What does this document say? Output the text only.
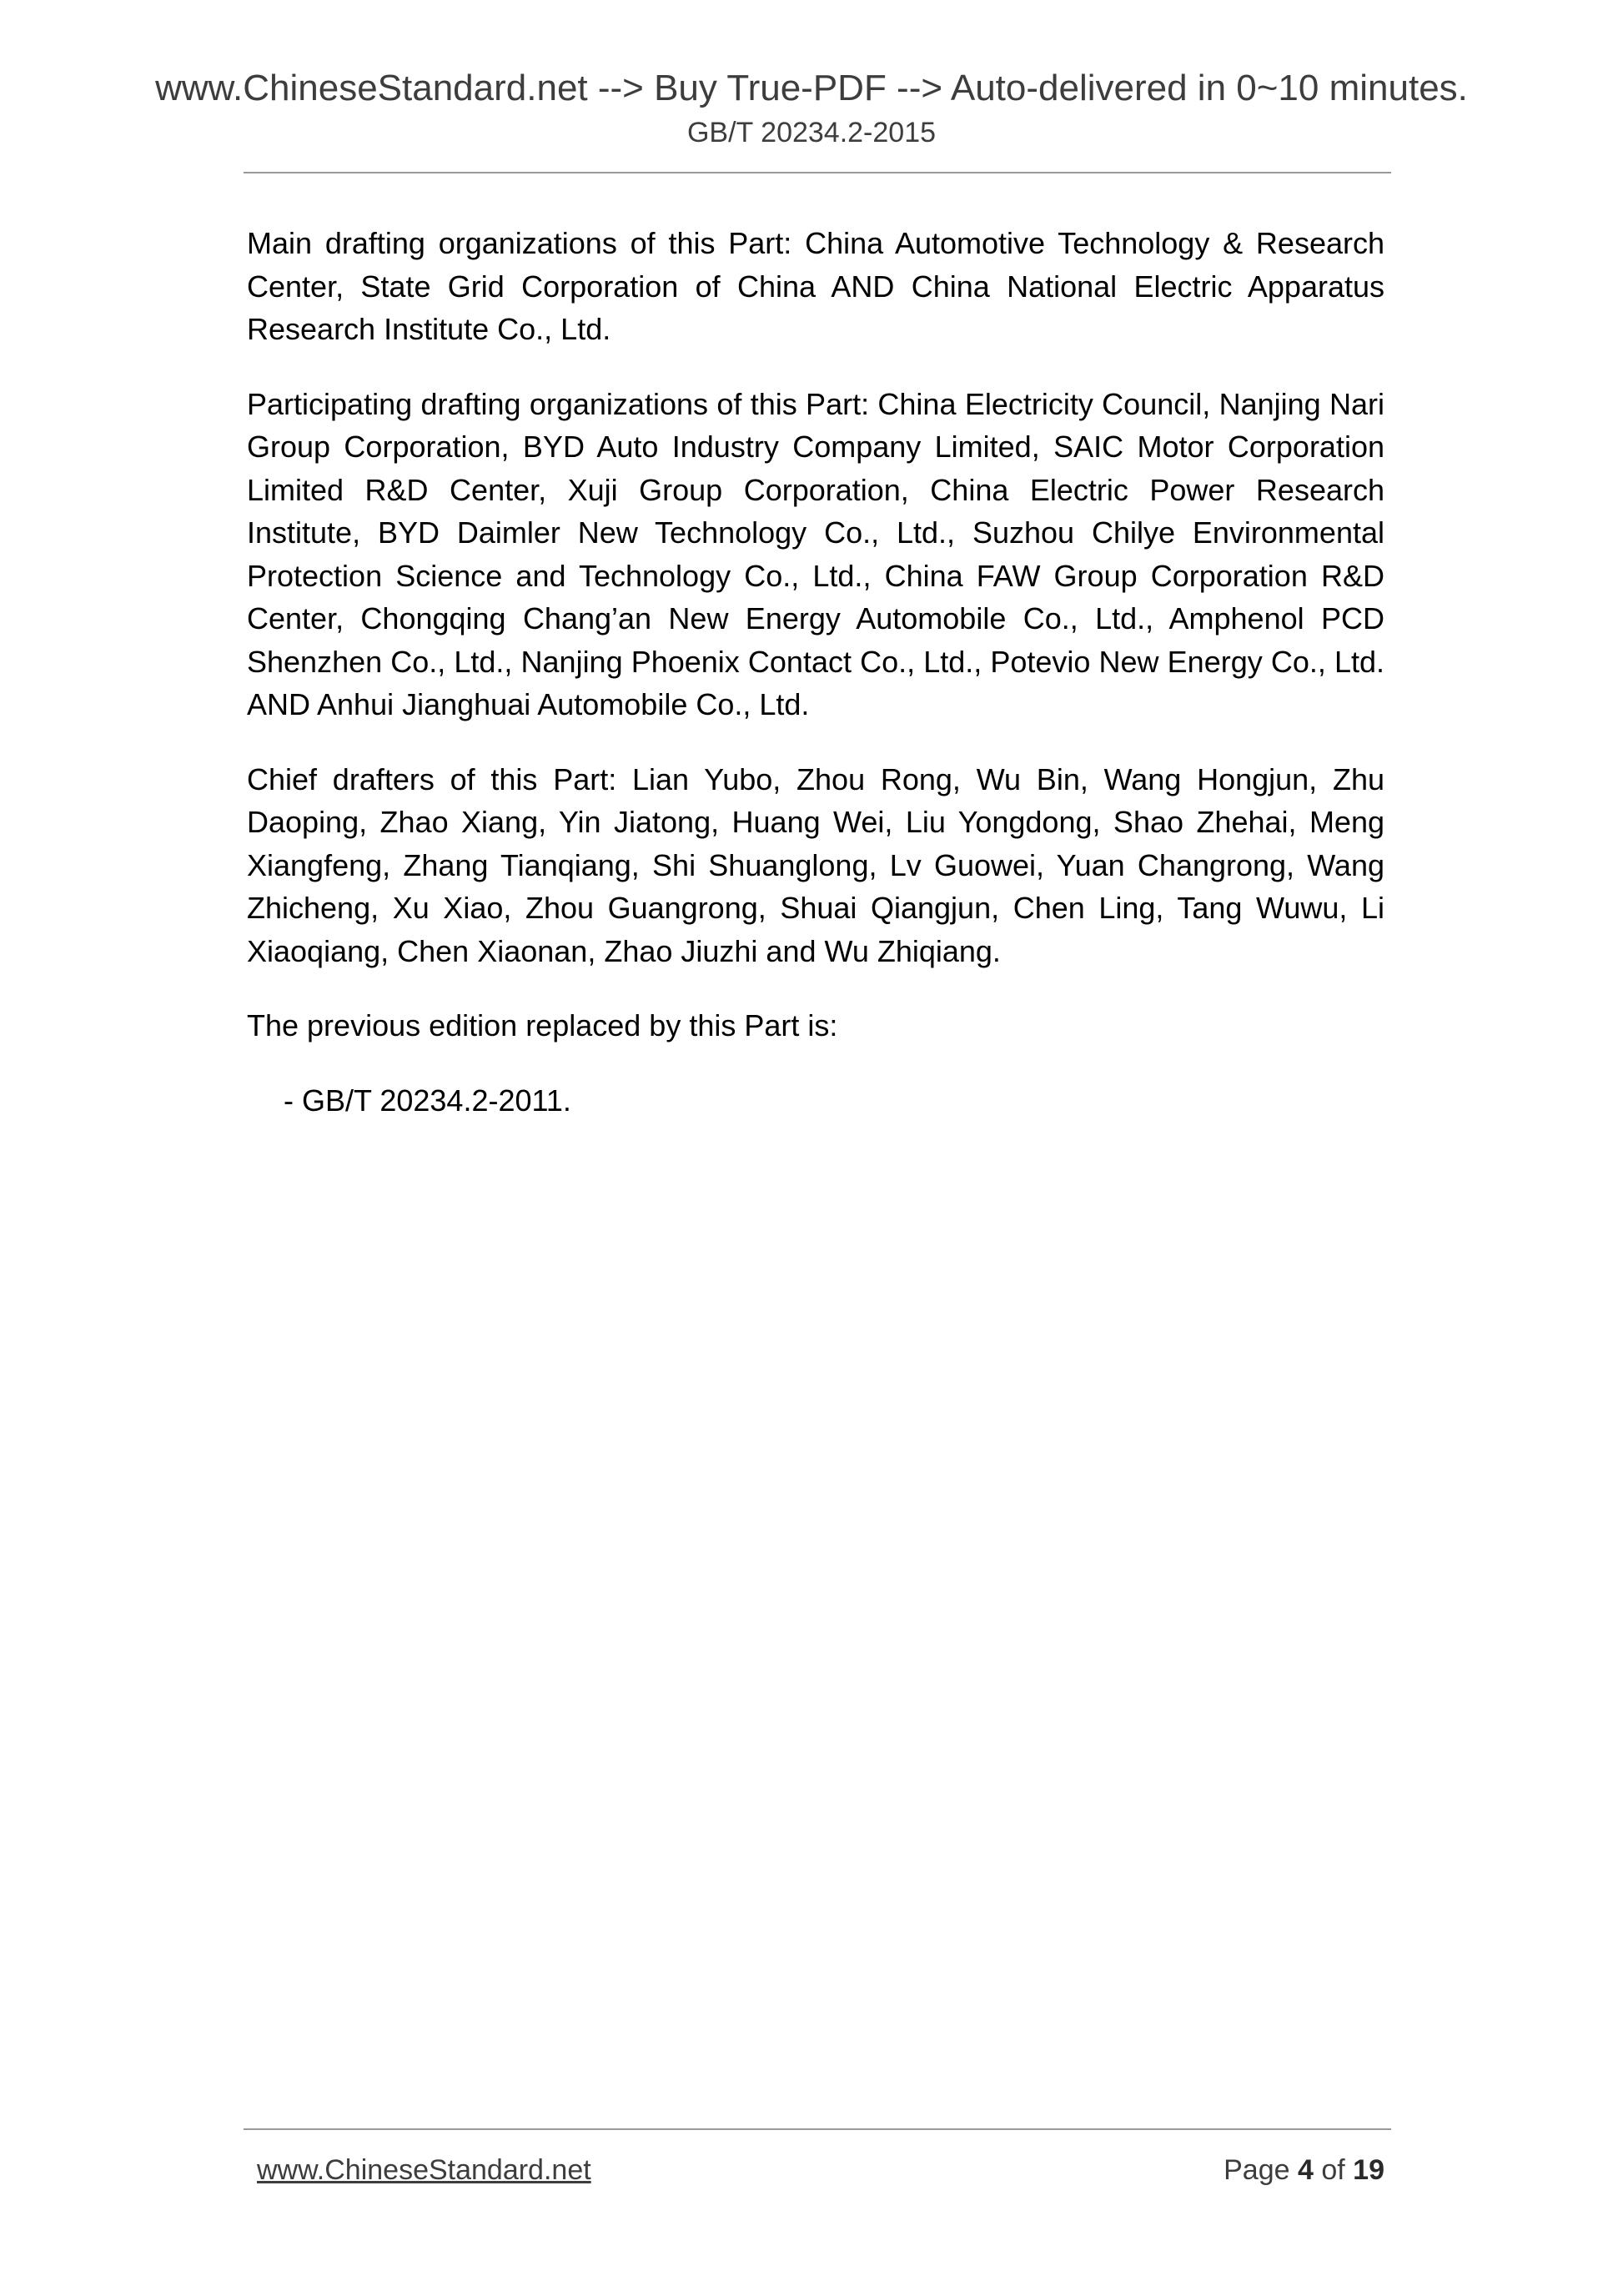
www.ChineseStandard.net --> Buy True-PDF --> Auto-delivered in 0~10 minutes.
GB/T 20234.2-2015

Main drafting organizations of this Part: China Automotive Technology & Research Center, State Grid Corporation of China AND China National Electric Apparatus Research Institute Co., Ltd.

Participating drafting organizations of this Part: China Electricity Council, Nanjing Nari Group Corporation, BYD Auto Industry Company Limited, SAIC Motor Corporation Limited R&D Center, Xuji Group Corporation, China Electric Power Research Institute, BYD Daimler New Technology Co., Ltd., Suzhou Chilye Environmental Protection Science and Technology Co., Ltd., China FAW Group Corporation R&D Center, Chongqing Chang’an New Energy Automobile Co., Ltd., Amphenol PCD Shenzhen Co., Ltd., Nanjing Phoenix Contact Co., Ltd., Potevio New Energy Co., Ltd. AND Anhui Jianghuai Automobile Co., Ltd.

Chief drafters of this Part: Lian Yubo, Zhou Rong, Wu Bin, Wang Hongjun, Zhu Daoping, Zhao Xiang, Yin Jiatong, Huang Wei, Liu Yongdong, Shao Zhehai, Meng Xiangfeng, Zhang Tianqiang, Shi Shuanglong, Lv Guowei, Yuan Changrong, Wang Zhicheng, Xu Xiao, Zhou Guangrong, Shuai Qiangjun, Chen Ling, Tang Wuwu, Li Xiaoqiang, Chen Xiaonan, Zhao Jiuzhi and Wu Zhiqiang.

The previous edition replaced by this Part is:

- GB/T 20234.2-2011.

www.ChineseStandard.net	Page 4 of 19
